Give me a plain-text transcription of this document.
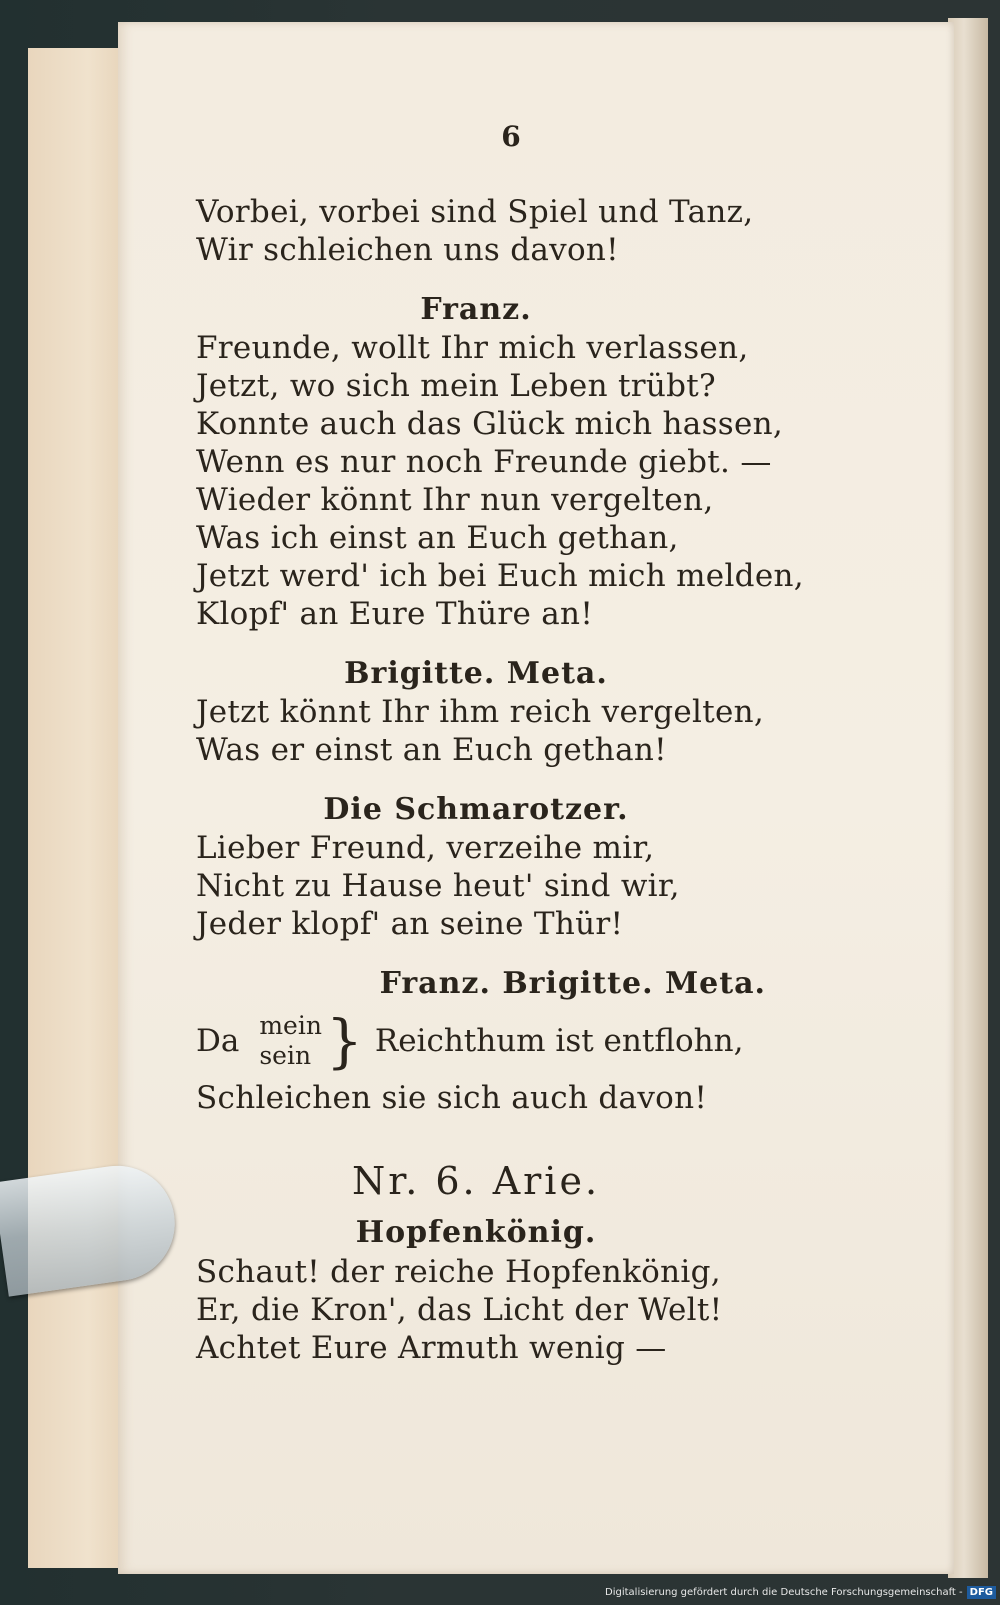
6
Vorbei, vorbei sind Spiel und Tanz,
Wir schleichen uns davon!
Franz.
Freunde, wollt Ihr mich verlassen,
Jetzt, wo sich mein Leben trübt?
Konnte auch das Glück mich hassen,
Wenn es nur noch Freunde giebt. —
Wieder könnt Ihr nun vergelten,
Was ich einst an Euch gethan,
Jetzt werd' ich bei Euch mich melden,
Klopf' an Eure Thüre an!
Brigitte. Meta.
Jetzt könnt Ihr ihm reich vergelten,
Was er einst an Euch gethan!
Die Schmarotzer.
Lieber Freund, verzeihe mir,
Nicht zu Hause heut' sind wir,
Jeder klopf' an seine Thür!
Franz. Brigitte. Meta.
Da mein
sein } Reichthum ist entflohn,
Schleichen sie sich auch davon!
Nr. 6. Arie.
Hopfenkönig.
Schaut! der reiche Hopfenkönig,
Er, die Kron', das Licht der Welt!
Achtet Eure Armuth wenig —
Digitalisierung gefördert durch die Deutsche Forschungsgemeinschaft - DFG
